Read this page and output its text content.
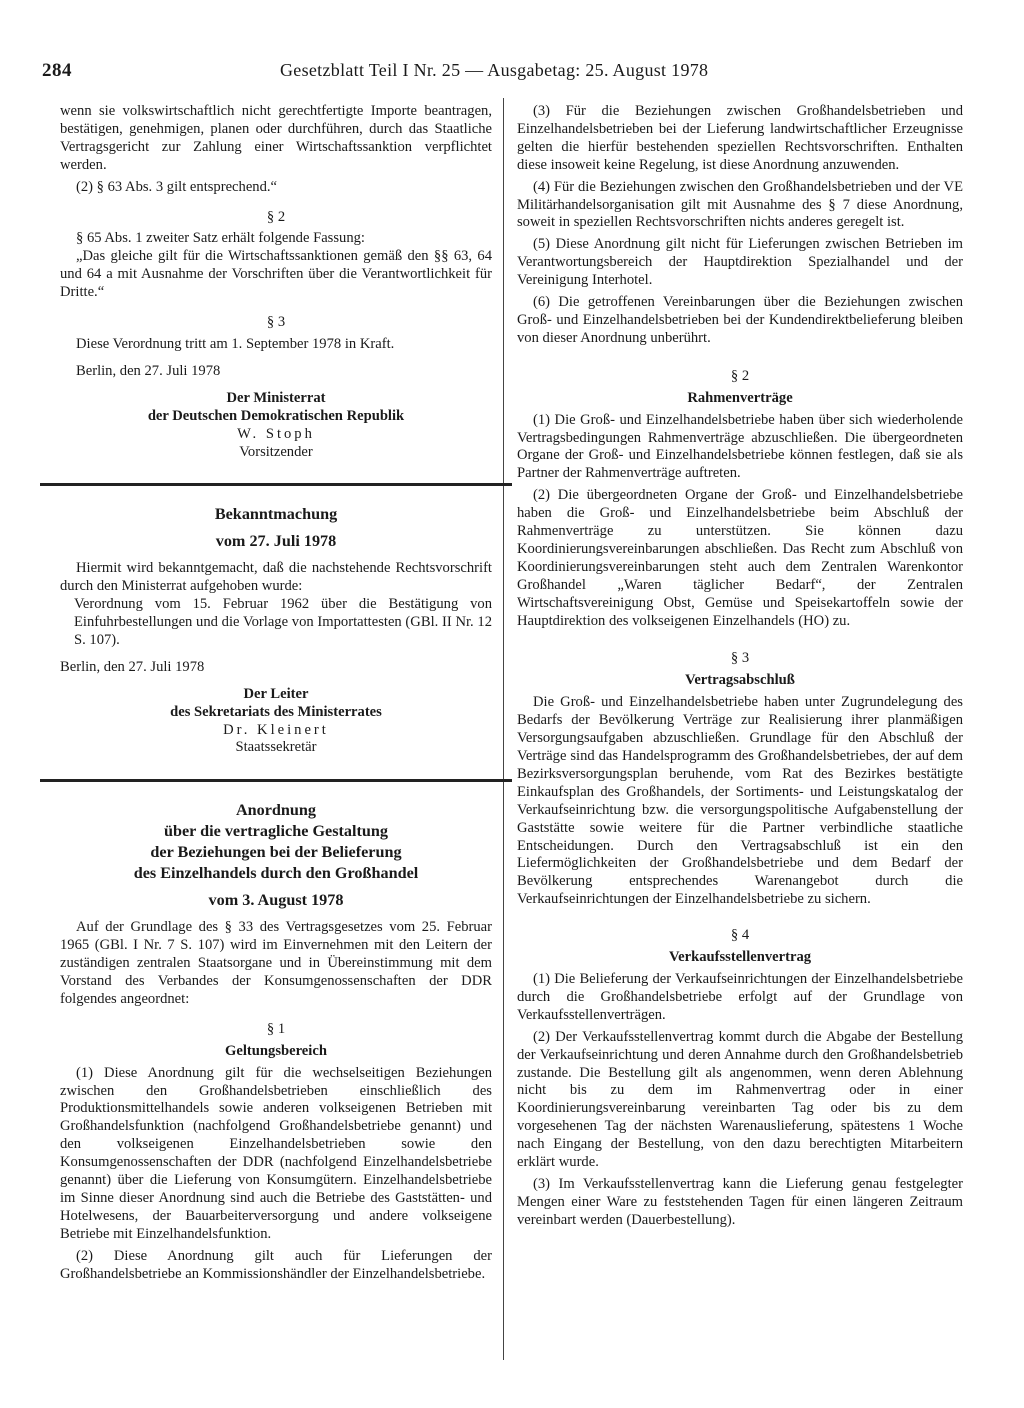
284	Gesetzblatt Teil I Nr. 25 — Ausgabetag: 25. August 1978

wenn sie volkswirtschaftlich nicht gerechtfertigte Importe beantragen, bestätigen, genehmigen, planen oder durchführen, durch das Staatliche Vertragsgericht zur Zahlung einer Wirtschaftssanktion verpflichtet werden.

(2) § 63 Abs. 3 gilt entsprechend.“

§ 2

§ 65 Abs. 1 zweiter Satz erhält folgende Fassung:

„Das gleiche gilt für die Wirtschaftssanktionen gemäß den §§ 63, 64 und 64 a mit Ausnahme der Vorschriften über die Verantwortlichkeit für Dritte.“

§ 3

Diese Verordnung tritt am 1. September 1978 in Kraft.

Berlin, den 27. Juli 1978

Der Ministerrat

der Deutschen Demokratischen Republik

W. Stoph

Vorsitzender

Bekanntmachung

vom 27. Juli 1978

Hiermit wird bekanntgemacht, daß die nachstehende Rechtsvorschrift durch den Ministerrat aufgehoben wurde:

Verordnung vom 15. Februar 1962 über die Bestätigung von Einfuhrbestellungen und die Vorlage von Importattesten (GBl. II Nr. 12 S. 107).

Berlin, den 27. Juli 1978

Der Leiter

des Sekretariats des Ministerrates

Dr. Kleinert

Staatssekretär

Anordnung

über die vertragliche Gestaltung

der Beziehungen bei der Belieferung

des Einzelhandels durch den Großhandel

vom 3. August 1978

Auf der Grundlage des § 33 des Vertragsgesetzes vom 25. Februar 1965 (GBl. I Nr. 7 S. 107) wird im Einvernehmen mit den Leitern der zuständigen zentralen Staatsorgane und in Übereinstimmung mit dem Vorstand des Verbandes der Konsumgenossenschaften der DDR folgendes angeordnet:

§ 1

Geltungsbereich

(1) Diese Anordnung gilt für die wechselseitigen Beziehungen zwischen den Großhandelsbetrieben einschließlich des Produktionsmittelhandels sowie anderen volkseigenen Betrieben mit Großhandelsfunktion (nachfolgend Großhandelsbetriebe genannt) und den volkseigenen Einzelhandelsbetrieben sowie den Konsumgenossenschaften der DDR (nachfolgend Einzelhandelsbetriebe genannt) über die Lieferung von Konsumgütern. Einzelhandelsbetriebe im Sinne dieser Anordnung sind auch die Betriebe des Gaststätten- und Hotelwesens, der Bauarbeiterversorgung und andere volkseigene Betriebe mit Einzelhandelsfunktion.

(2) Diese Anordnung gilt auch für Lieferungen der Großhandelsbetriebe an Kommissionshändler der Einzelhandelsbetriebe.

(3) Für die Beziehungen zwischen Großhandelsbetrieben und Einzelhandelsbetrieben bei der Lieferung landwirtschaftlicher Erzeugnisse gelten die hierfür bestehenden speziellen Rechtsvorschriften. Enthalten diese insoweit keine Regelung, ist diese Anordnung anzuwenden.

(4) Für die Beziehungen zwischen den Großhandelsbetrieben und der VE Militärhandelsorganisation gilt mit Ausnahme des § 7 diese Anordnung, soweit in speziellen Rechtsvorschriften nichts anderes geregelt ist.

(5) Diese Anordnung gilt nicht für Lieferungen zwischen Betrieben im Verantwortungsbereich der Hauptdirektion Spezialhandel und der Vereinigung Interhotel.

(6) Die getroffenen Vereinbarungen über die Beziehungen zwischen Groß- und Einzelhandelsbetrieben bei der Kundendirektbelieferung bleiben von dieser Anordnung unberührt.

§ 2

Rahmenverträge

(1) Die Groß- und Einzelhandelsbetriebe haben über sich wiederholende Vertragsbedingungen Rahmenverträge abzuschließen. Die übergeordneten Organe der Groß- und Einzelhandelsbetriebe können festlegen, daß sie als Partner der Rahmenverträge auftreten.

(2) Die übergeordneten Organe der Groß- und Einzelhandelsbetriebe haben die Groß- und Einzelhandelsbetriebe beim Abschluß der Rahmenverträge zu unterstützen. Sie können dazu Koordinierungsvereinbarungen abschließen. Das Recht zum Abschluß von Koordinierungsvereinbarungen steht auch dem Zentralen Warenkontor Großhandel „Waren täglicher Bedarf“, der Zentralen Wirtschaftsvereinigung Obst, Gemüse und Speisekartoffeln sowie der Hauptdirektion des volkseigenen Einzelhandels (HO) zu.

§ 3

Vertragsabschluß

Die Groß- und Einzelhandelsbetriebe haben unter Zugrundelegung des Bedarfs der Bevölkerung Verträge zur Realisierung ihrer planmäßigen Versorgungsaufgaben abzuschließen. Grundlage für den Abschluß der Verträge sind das Handelsprogramm des Großhandelsbetriebes, der auf dem Bezirksversorgungsplan beruhende, vom Rat des Bezirkes bestätigte Einkaufsplan des Großhandels, der Sortiments- und Leistungskatalog der Verkaufseinrichtung bzw. die versorgungspolitische Aufgabenstellung der Gaststätte sowie weitere für die Partner verbindliche staatliche Entscheidungen. Durch den Vertragsabschluß ist ein den Liefermöglichkeiten der Großhandelsbetriebe und dem Bedarf der Bevölkerung entsprechendes Warenangebot durch die Verkaufseinrichtungen der Einzelhandelsbetriebe zu sichern.

§ 4

Verkaufsstellenvertrag

(1) Die Belieferung der Verkaufseinrichtungen der Einzelhandelsbetriebe durch die Großhandelsbetriebe erfolgt auf der Grundlage von Verkaufsstellenverträgen.

(2) Der Verkaufsstellenvertrag kommt durch die Abgabe der Bestellung der Verkaufseinrichtung und deren Annahme durch den Großhandelsbetrieb zustande. Die Bestellung gilt als angenommen, wenn deren Ablehnung nicht bis zu dem im Rahmenvertrag oder in einer Koordinierungsvereinbarung vereinbarten Tag oder bis zu dem vorgesehenen Tag der nächsten Warenauslieferung, spätestens 1 Woche nach Eingang der Bestellung, von den dazu berechtigten Mitarbeitern erklärt wurde.

(3) Im Verkaufsstellenvertrag kann die Lieferung genau festgelegter Mengen einer Ware zu feststehenden Tagen für einen längeren Zeitraum vereinbart werden (Dauerbestellung).
